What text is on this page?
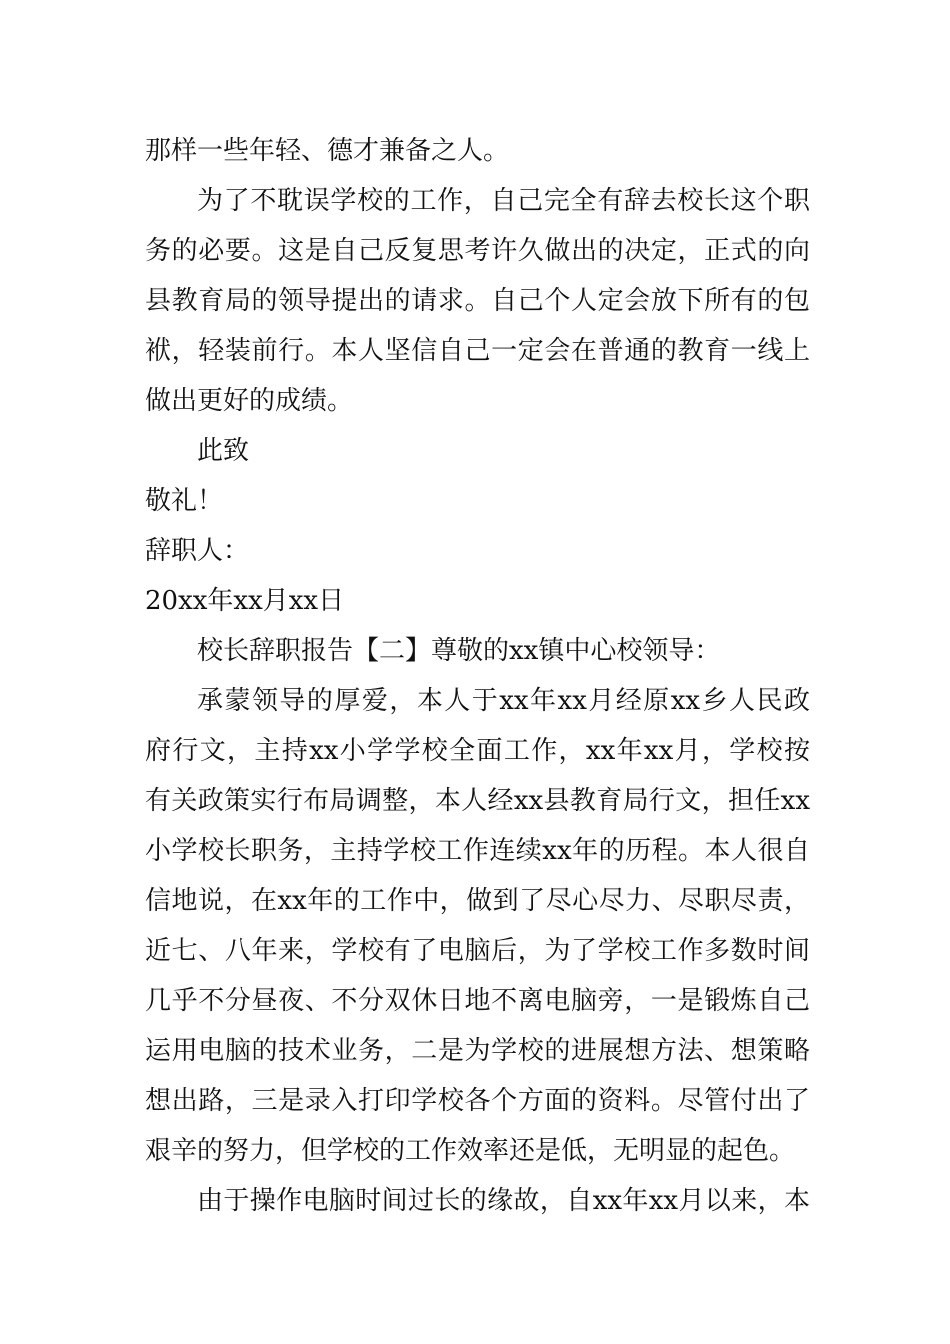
那样一些年轻、德才兼备之人。
为了不耽误学校的工作，自己完全有辞去校长这个职
务的必要。这是自己反复思考许久做出的决定，正式的向
县教育局的领导提出的请求。自己个人定会放下所有的包
袱，轻装前行。本人坚信自己一定会在普通的教育一线上
做出更好的成绩。
此致
敬礼！
辞职人：
20xx年xx月xx日
校长辞职报告【二】尊敬的xx镇中心校领导：
承蒙领导的厚爱，本人于xx年xx月经原xx乡人民政
府行文，主持xx小学学校全面工作，xx年xx月，学校按
有关政策实行布局调整，本人经xx县教育局行文，担任xx
小学校长职务，主持学校工作连续xx年的历程。本人很自
信地说，在xx年的工作中，做到了尽心尽力、尽职尽责，
近七、八年来，学校有了电脑后，为了学校工作多数时间
几乎不分昼夜、不分双休日地不离电脑旁，一是锻炼自己
运用电脑的技术业务，二是为学校的进展想方法、想策略
想出路，三是录入打印学校各个方面的资料。尽管付出了
艰辛的努力，但学校的工作效率还是低，无明显的起色。
由于操作电脑时间过长的缘故，自xx年xx月以来，本
